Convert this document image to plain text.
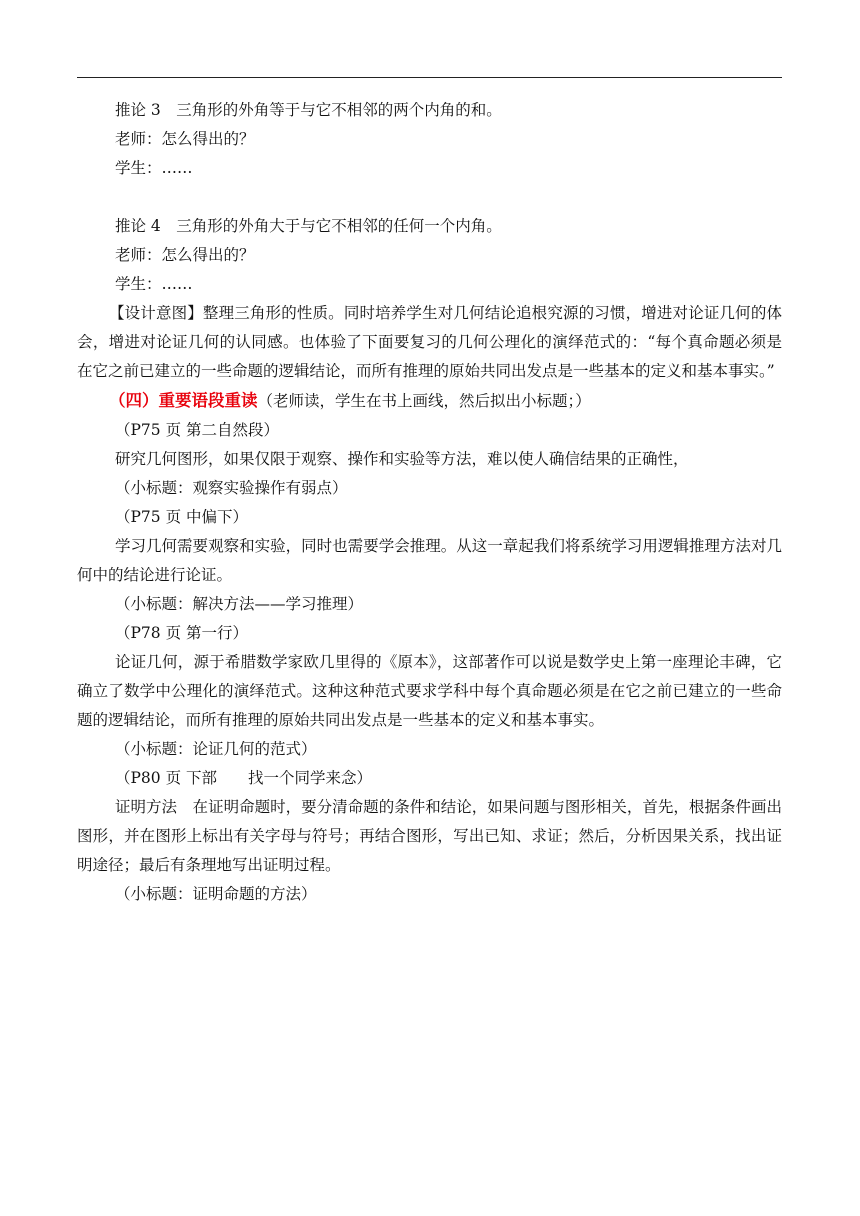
推论 3　三角形的外角等于与它不相邻的两个内角的和。

老师：怎么得出的？

学生：……

推论 4　三角形的外角大于与它不相邻的任何一个内角。

老师：怎么得出的？

学生：……

【设计意图】整理三角形的性质。同时培养学生对几何结论追根究源的习惯，增进对论证几何的体会，增进对论证几何的认同感。也体验了下面要复习的几何公理化的演绎范式的：“每个真命题必须是在它之前已建立的一些命题的逻辑结论，而所有推理的原始共同出发点是一些基本的定义和基本事实。”

（四）重要语段重读（老师读，学生在书上画线，然后拟出小标题；）

（P75 页 第二自然段）

研究几何图形，如果仅限于观察、操作和实验等方法，难以使人确信结果的正确性，

（小标题：观察实验操作有弱点）

（P75 页 中偏下）

学习几何需要观察和实验，同时也需要学会推理。从这一章起我们将系统学习用逻辑推理方法对几何中的结论进行论证。

（小标题：解决方法——学习推理）

（P78 页 第一行）

论证几何，源于希腊数学家欧几里得的《原本》，这部著作可以说是数学史上第一座理论丰碑，它确立了数学中公理化的演绎范式。这种这种范式要求学科中每个真命题必须是在它之前已建立的一些命题的逻辑结论，而所有推理的原始共同出发点是一些基本的定义和基本事实。

（小标题：论证几何的范式）

（P80 页 下部　　找一个同学来念）

证明方法　在证明命题时，要分清命题的条件和结论，如果问题与图形相关，首先，根据条件画出图形，并在图形上标出有关字母与符号；再结合图形，写出已知、求证；然后，分析因果关系，找出证明途径；最后有条理地写出证明过程。

（小标题：证明命题的方法）
